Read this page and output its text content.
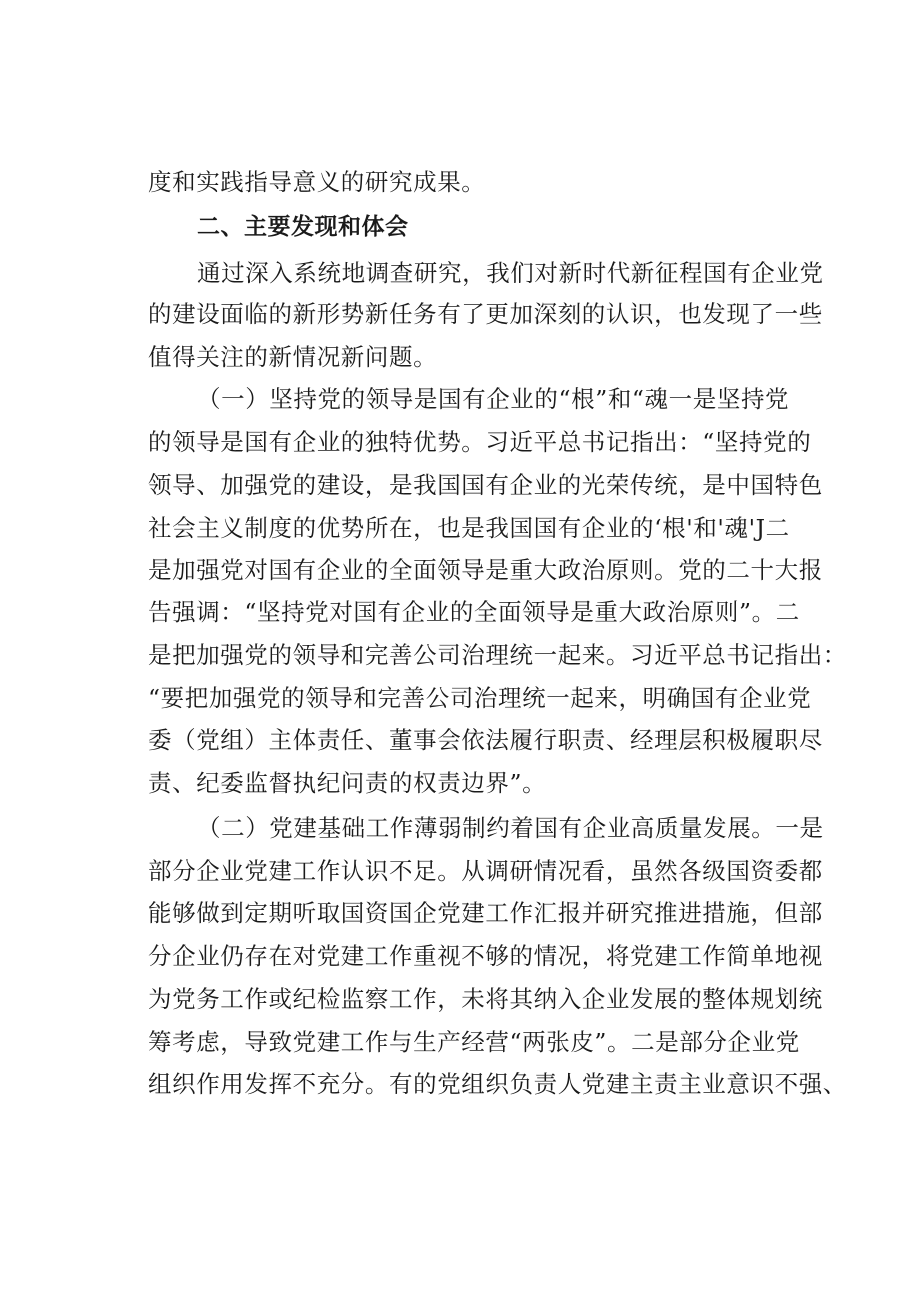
度和实践指导意义的研究成果。
二、主要发现和体会
通过深入系统地调查研究，我们对新时代新征程国有企业党
的建设面临的新形势新任务有了更加深刻的认识，也发现了一些
值得关注的新情况新问题。
（一）坚持党的领导是国有企业的“根”和“魂一是坚持党
的领导是国有企业的独特优势。习近平总书记指出：“坚持党的
领导、加强党的建设，是我国国有企业的光荣传统，是中国特色
社会主义制度的优势所在，也是我国国有企业的‘根'和'魂'J二
是加强党对国有企业的全面领导是重大政治原则。党的二十大报
告强调：“坚持党对国有企业的全面领导是重大政治原则”。二
是把加强党的领导和完善公司治理统一起来。习近平总书记指出：
“要把加强党的领导和完善公司治理统一起来，明确国有企业党
委（党组）主体责任、董事会依法履行职责、经理层积极履职尽
责、纪委监督执纪问责的权责边界”。
（二）党建基础工作薄弱制约着国有企业高质量发展。一是
部分企业党建工作认识不足。从调研情况看，虽然各级国资委都
能够做到定期听取国资国企党建工作汇报并研究推进措施，但部
分企业仍存在对党建工作重视不够的情况，将党建工作简单地视
为党务工作或纪检监察工作，未将其纳入企业发展的整体规划统
筹考虑，导致党建工作与生产经营“两张皮”。二是部分企业党
组织作用发挥不充分。有的党组织负责人党建主责主业意识不强、
